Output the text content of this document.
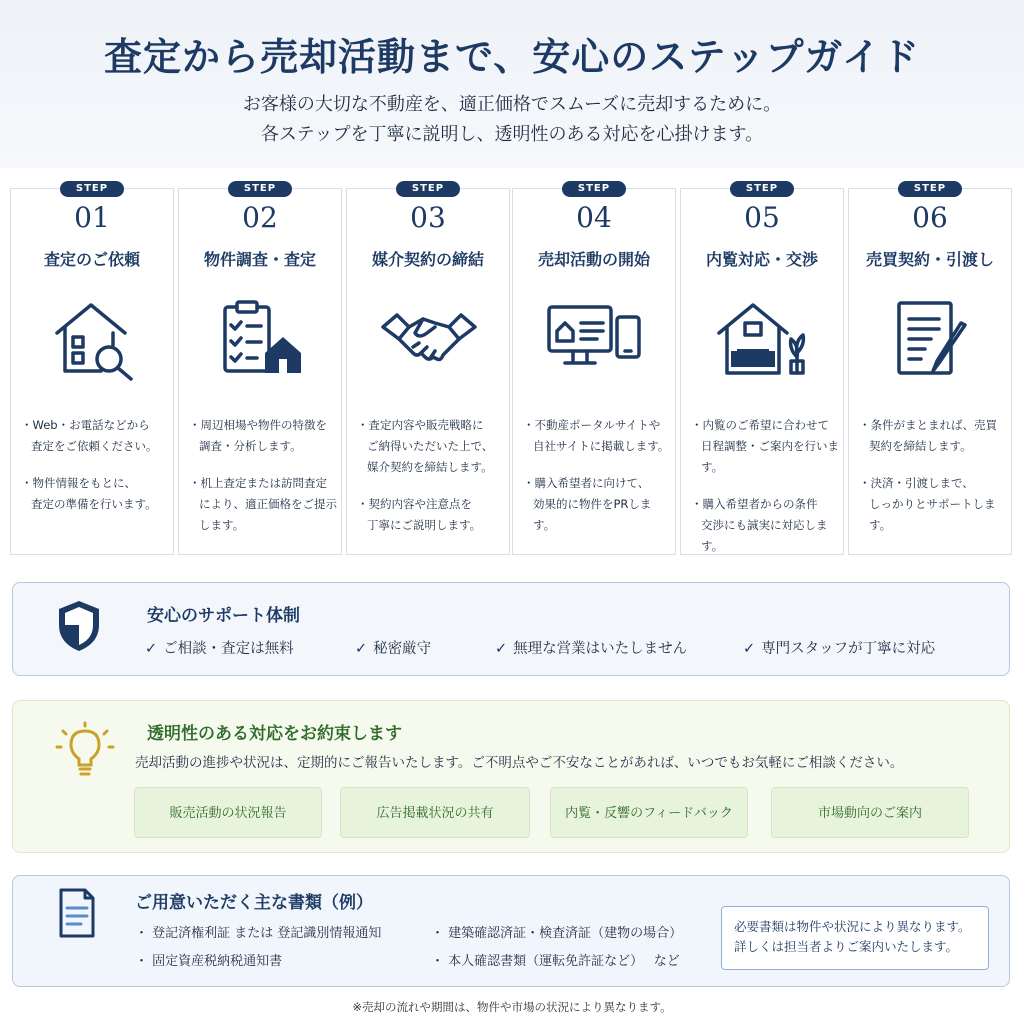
査定から売却活動まで、安心のステップガイド
お客様の大切な不動産を、適正価格でスムーズに売却するために。
各ステップを丁寧に説明し、透明性のある対応を心掛けます。
STEP
01
査定のご依頼
・Web・お電話などから
査定をご依頼ください。
・物件情報をもとに、
査定の準備を行います。
STEP
02
物件調査・査定
・周辺相場や物件の特徴を
調査・分析します。
・机上査定または訪問査定
により、適正価格をご提示
します。
STEP
03
媒介契約の締結
・査定内容や販売戦略に
ご納得いただいた上で、
媒介契約を締結します。
・契約内容や注意点を
丁寧にご説明します。
STEP
04
売却活動の開始
・不動産ポータルサイトや
自社サイトに掲載します。
・購入希望者に向けて、
効果的に物件をPRします。
STEP
05
内覧対応・交渉
・内覧のご希望に合わせて
日程調整・ご案内を行います。
・購入希望者からの条件
交渉にも誠実に対応します。
STEP
06
売買契約・引渡し
・条件がまとまれば、売買
契約を締結します。
・決済・引渡しまで、
しっかりとサポートします。
安心のサポート体制
✓ ご相談・査定は無料	✓ 秘密厳守	✓ 無理な営業はいたしません	✓ 専門スタッフが丁寧に対応
透明性のある対応をお約束します
売却活動の進捗や状況は、定期的にご報告いたします。ご不明点やご不安なことがあれば、いつでもお気軽にご相談ください。
販売活動の状況報告	広告掲載状況の共有	内覧・反響のフィードバック	市場動向のご案内
ご用意いただく主な書類（例）
・ 登記済権利証 または 登記識別情報通知
・ 固定資産税納税通知書
・ 建築確認済証・検査済証（建物の場合）
・ 本人確認書類（運転免許証など）　 など
必要書類は物件や状況により異なります。
詳しくは担当者よりご案内いたします。
※売却の流れや期間は、物件や市場の状況により異なります。
